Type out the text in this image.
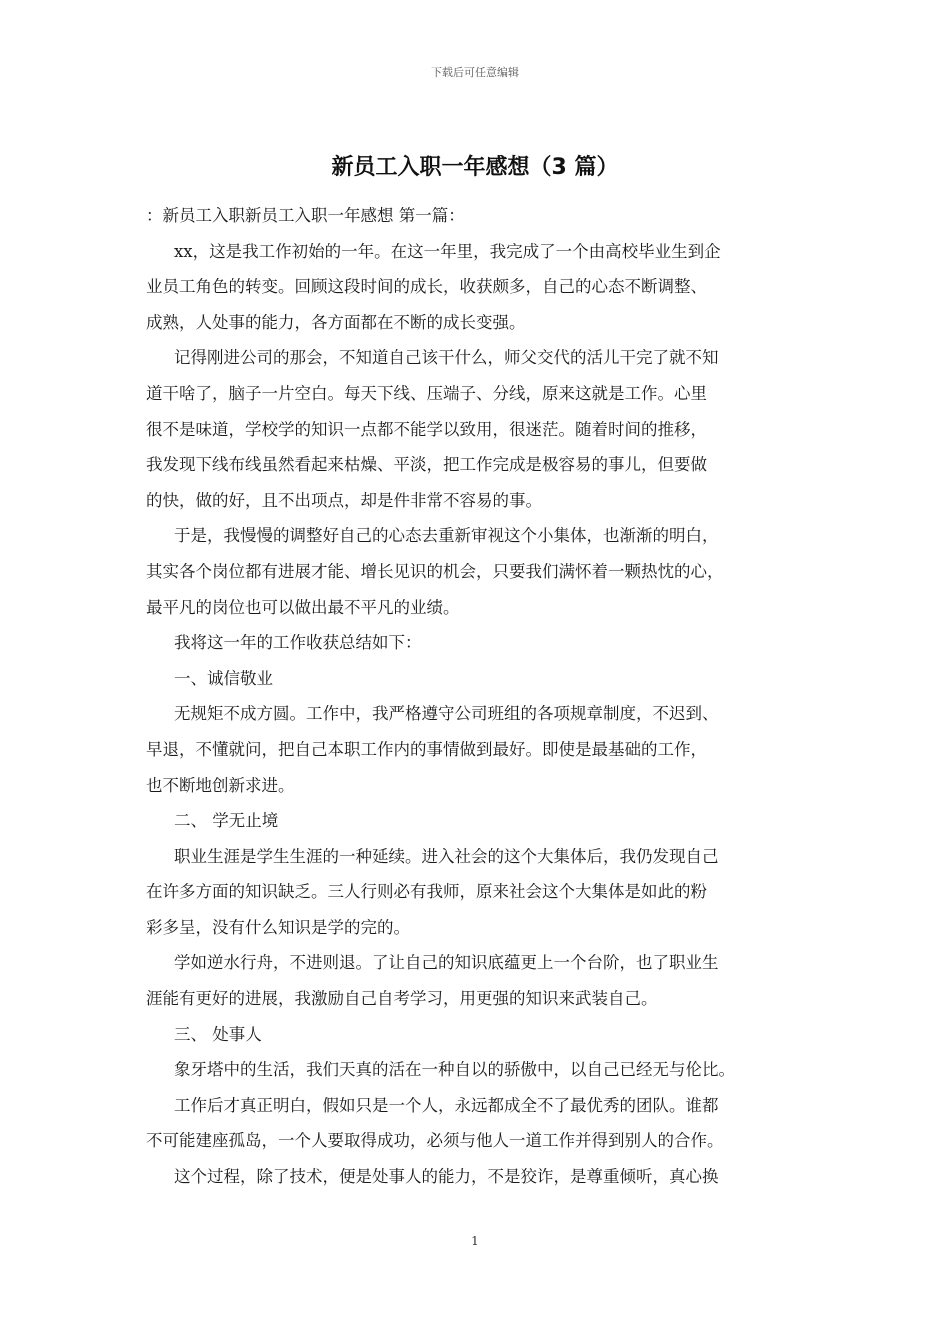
下载后可任意编辑
新员工入职一年感想（3 篇）
：新员工入职新员工入职一年感想 第一篇：
xx，这是我工作初始的一年。在这一年里，我完成了一个由高校毕业生到企
业员工角色的转变。回顾这段时间的成长，收获颇多，自己的心态不断调整、
成熟，人处事的能力，各方面都在不断的成长变强。
记得刚进公司的那会，不知道自己该干什么，师父交代的活儿干完了就不知
道干啥了，脑子一片空白。每天下线、压端子、分线，原来这就是工作。心里
很不是味道，学校学的知识一点都不能学以致用，很迷茫。随着时间的推移，
我发现下线布线虽然看起来枯燥、平淡，把工作完成是极容易的事儿，但要做
的快，做的好，且不出项点，却是件非常不容易的事。
于是，我慢慢的调整好自己的心态去重新审视这个小集体，也渐渐的明白，
其实各个岗位都有进展才能、增长见识的机会，只要我们满怀着一颗热忱的心，
最平凡的岗位也可以做出最不平凡的业绩。
我将这一年的工作收获总结如下：
一、诚信敬业
无规矩不成方圆。工作中，我严格遵守公司班组的各项规章制度，不迟到、
早退，不懂就问，把自己本职工作内的事情做到最好。即使是最基础的工作，
也不断地创新求进。
二、 学无止境
职业生涯是学生生涯的一种延续。进入社会的这个大集体后，我仍发现自己
在许多方面的知识缺乏。三人行则必有我师，原来社会这个大集体是如此的粉
彩多呈，没有什么知识是学的完的。
学如逆水行舟，不进则退。了让自己的知识底蕴更上一个台阶，也了职业生
涯能有更好的进展，我激励自己自考学习，用更强的知识来武装自己。
三、 处事人
象牙塔中的生活，我们天真的活在一种自以的骄傲中，以自己已经无与伦比。
工作后才真正明白，假如只是一个人，永远都成全不了最优秀的团队。谁都
不可能建座孤岛，一个人要取得成功，必须与他人一道工作并得到别人的合作。
这个过程，除了技术，便是处事人的能力，不是狡诈，是尊重倾听，真心换
1
